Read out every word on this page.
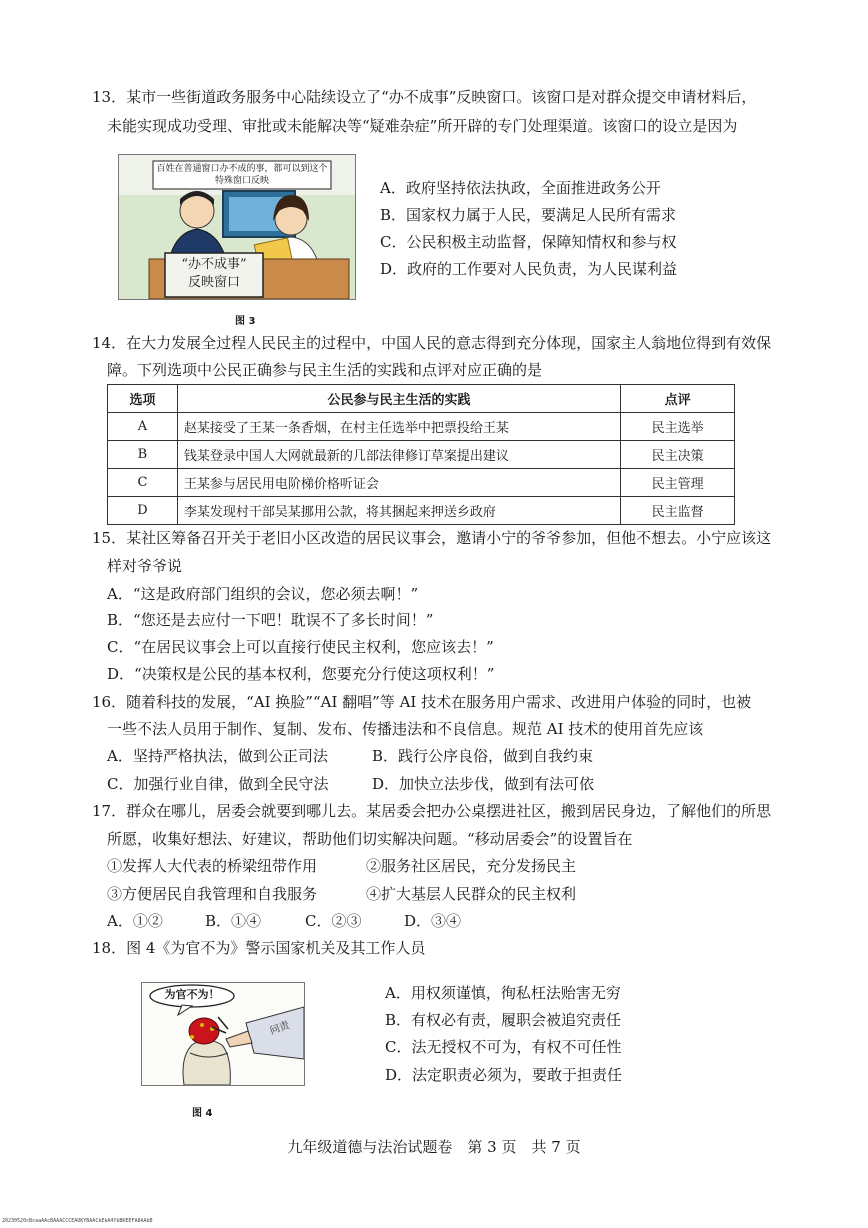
13．某市一些街道政务服务中心陆续设立了“办不成事”反映窗口。该窗口是对群众提交申请材料后，
未能实现成功受理、审批或未能解决等“疑难杂症”所开辟的专门处理渠道。该窗口的设立是因为
百姓在普通窗口办不成的事，都可以到这个特殊窗口反映
“办不成事”
反映窗口
图 3
A．政府坚持依法执政，全面推进政务公开
B．国家权力属于人民，要满足人民所有需求
C．公民积极主动监督，保障知情权和参与权
D．政府的工作要对人民负责，为人民谋利益
14．在大力发展全过程人民民主的过程中，中国人民的意志得到充分体现，国家主人翁地位得到有效保
障。下列选项中公民正确参与民主生活的实践和点评对应正确的是
选项	公民参与民主生活的实践	点评
A	赵某接受了王某一条香烟，在村主任选举中把票投给王某	民主选举
B	钱某登录中国人大网就最新的几部法律修订草案提出建议	民主决策
C	王某参与居民用电阶梯价格听证会	民主管理
D	李某发现村干部吴某挪用公款，将其捆起来押送乡政府	民主监督
15．某社区筹备召开关于老旧小区改造的居民议事会，邀请小宁的爷爷参加，但他不想去。小宁应该这
样对爷爷说
A．“这是政府部门组织的会议，您必须去啊！”
B．“您还是去应付一下吧！耽误不了多长时间！”
C．“在居民议事会上可以直接行使民主权利，您应该去！”
D．“决策权是公民的基本权利，您要充分行使这项权利！”
16．随着科技的发展，“AI 换脸”“AI 翻唱”等 AI 技术在服务用户需求、改进用户体验的同时，也被
一些不法人员用于制作、复制、发布、传播违法和不良信息。规范 AI 技术的使用首先应该
A．坚持严格执法，做到公正司法	B．践行公序良俗，做到自我约束
C．加强行业自律，做到全民守法	D．加快立法步伐，做到有法可依
17．群众在哪儿，居委会就要到哪儿去。某居委会把办公桌摆进社区，搬到居民身边，了解他们的所思
所愿，收集好想法、好建议，帮助他们切实解决问题。“移动居委会”的设置旨在
①发挥人大代表的桥梁纽带作用	②服务社区居民，充分发扬民主
③方便居民自我管理和自我服务	④扩大基层人民群众的民主权利
A．①②	B．①④	C．②③	D．③④
18．图 4《为官不为》警示国家机关及其工作人员
为官不为！
问责
图 4
A．用权须谨慎，徇私枉法贻害无穷
B．有权必有责，履职会被追究责任
C．法无授权不可为，有权不可任性
D．法定职责必须为，要敢于担责任
九年级道德与法治试题卷　第 3 页　共 7 页
20230520cBcaaAAcBAAACCCEAOKYBAACkEkA4YkBKEEFA8AAbB
